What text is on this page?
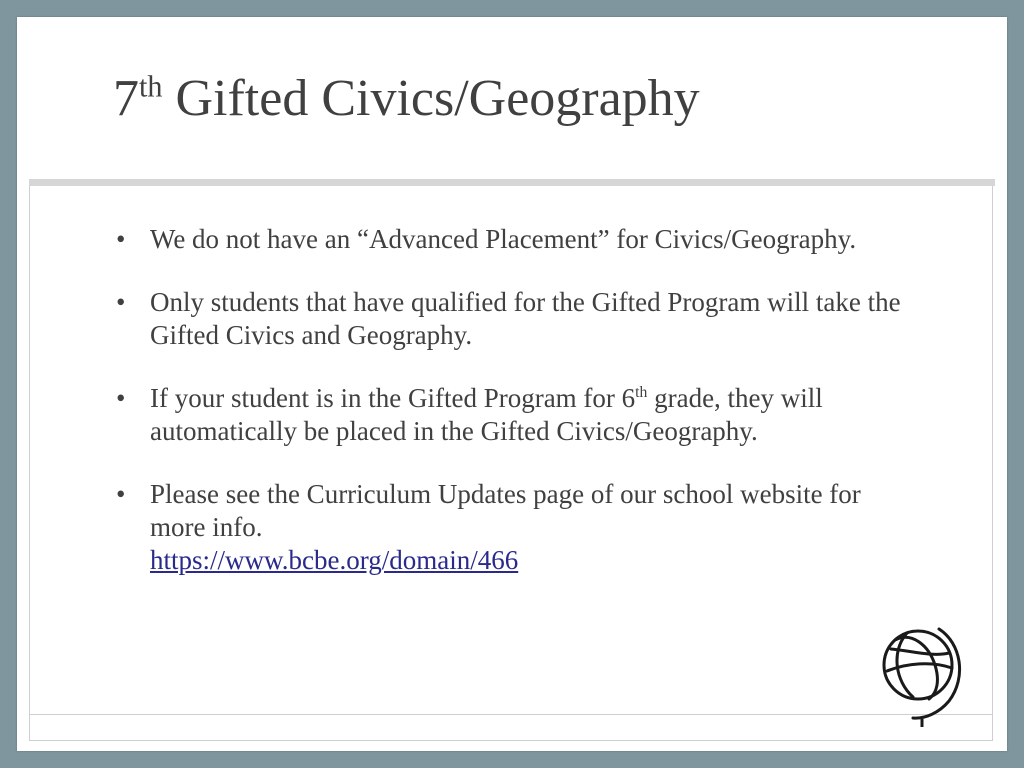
7th Gifted Civics/Geography
• We do not have an “Advanced Placement” for Civics/Geography.
• Only students that have qualified for the Gifted Program will take the Gifted Civics and Geography.
• If your student is in the Gifted Program for 6th grade, they will automatically be placed in the Gifted Civics/Geography.
• Please see the Curriculum Updates page of our school website for more info.
https://www.bcbe.org/domain/466
